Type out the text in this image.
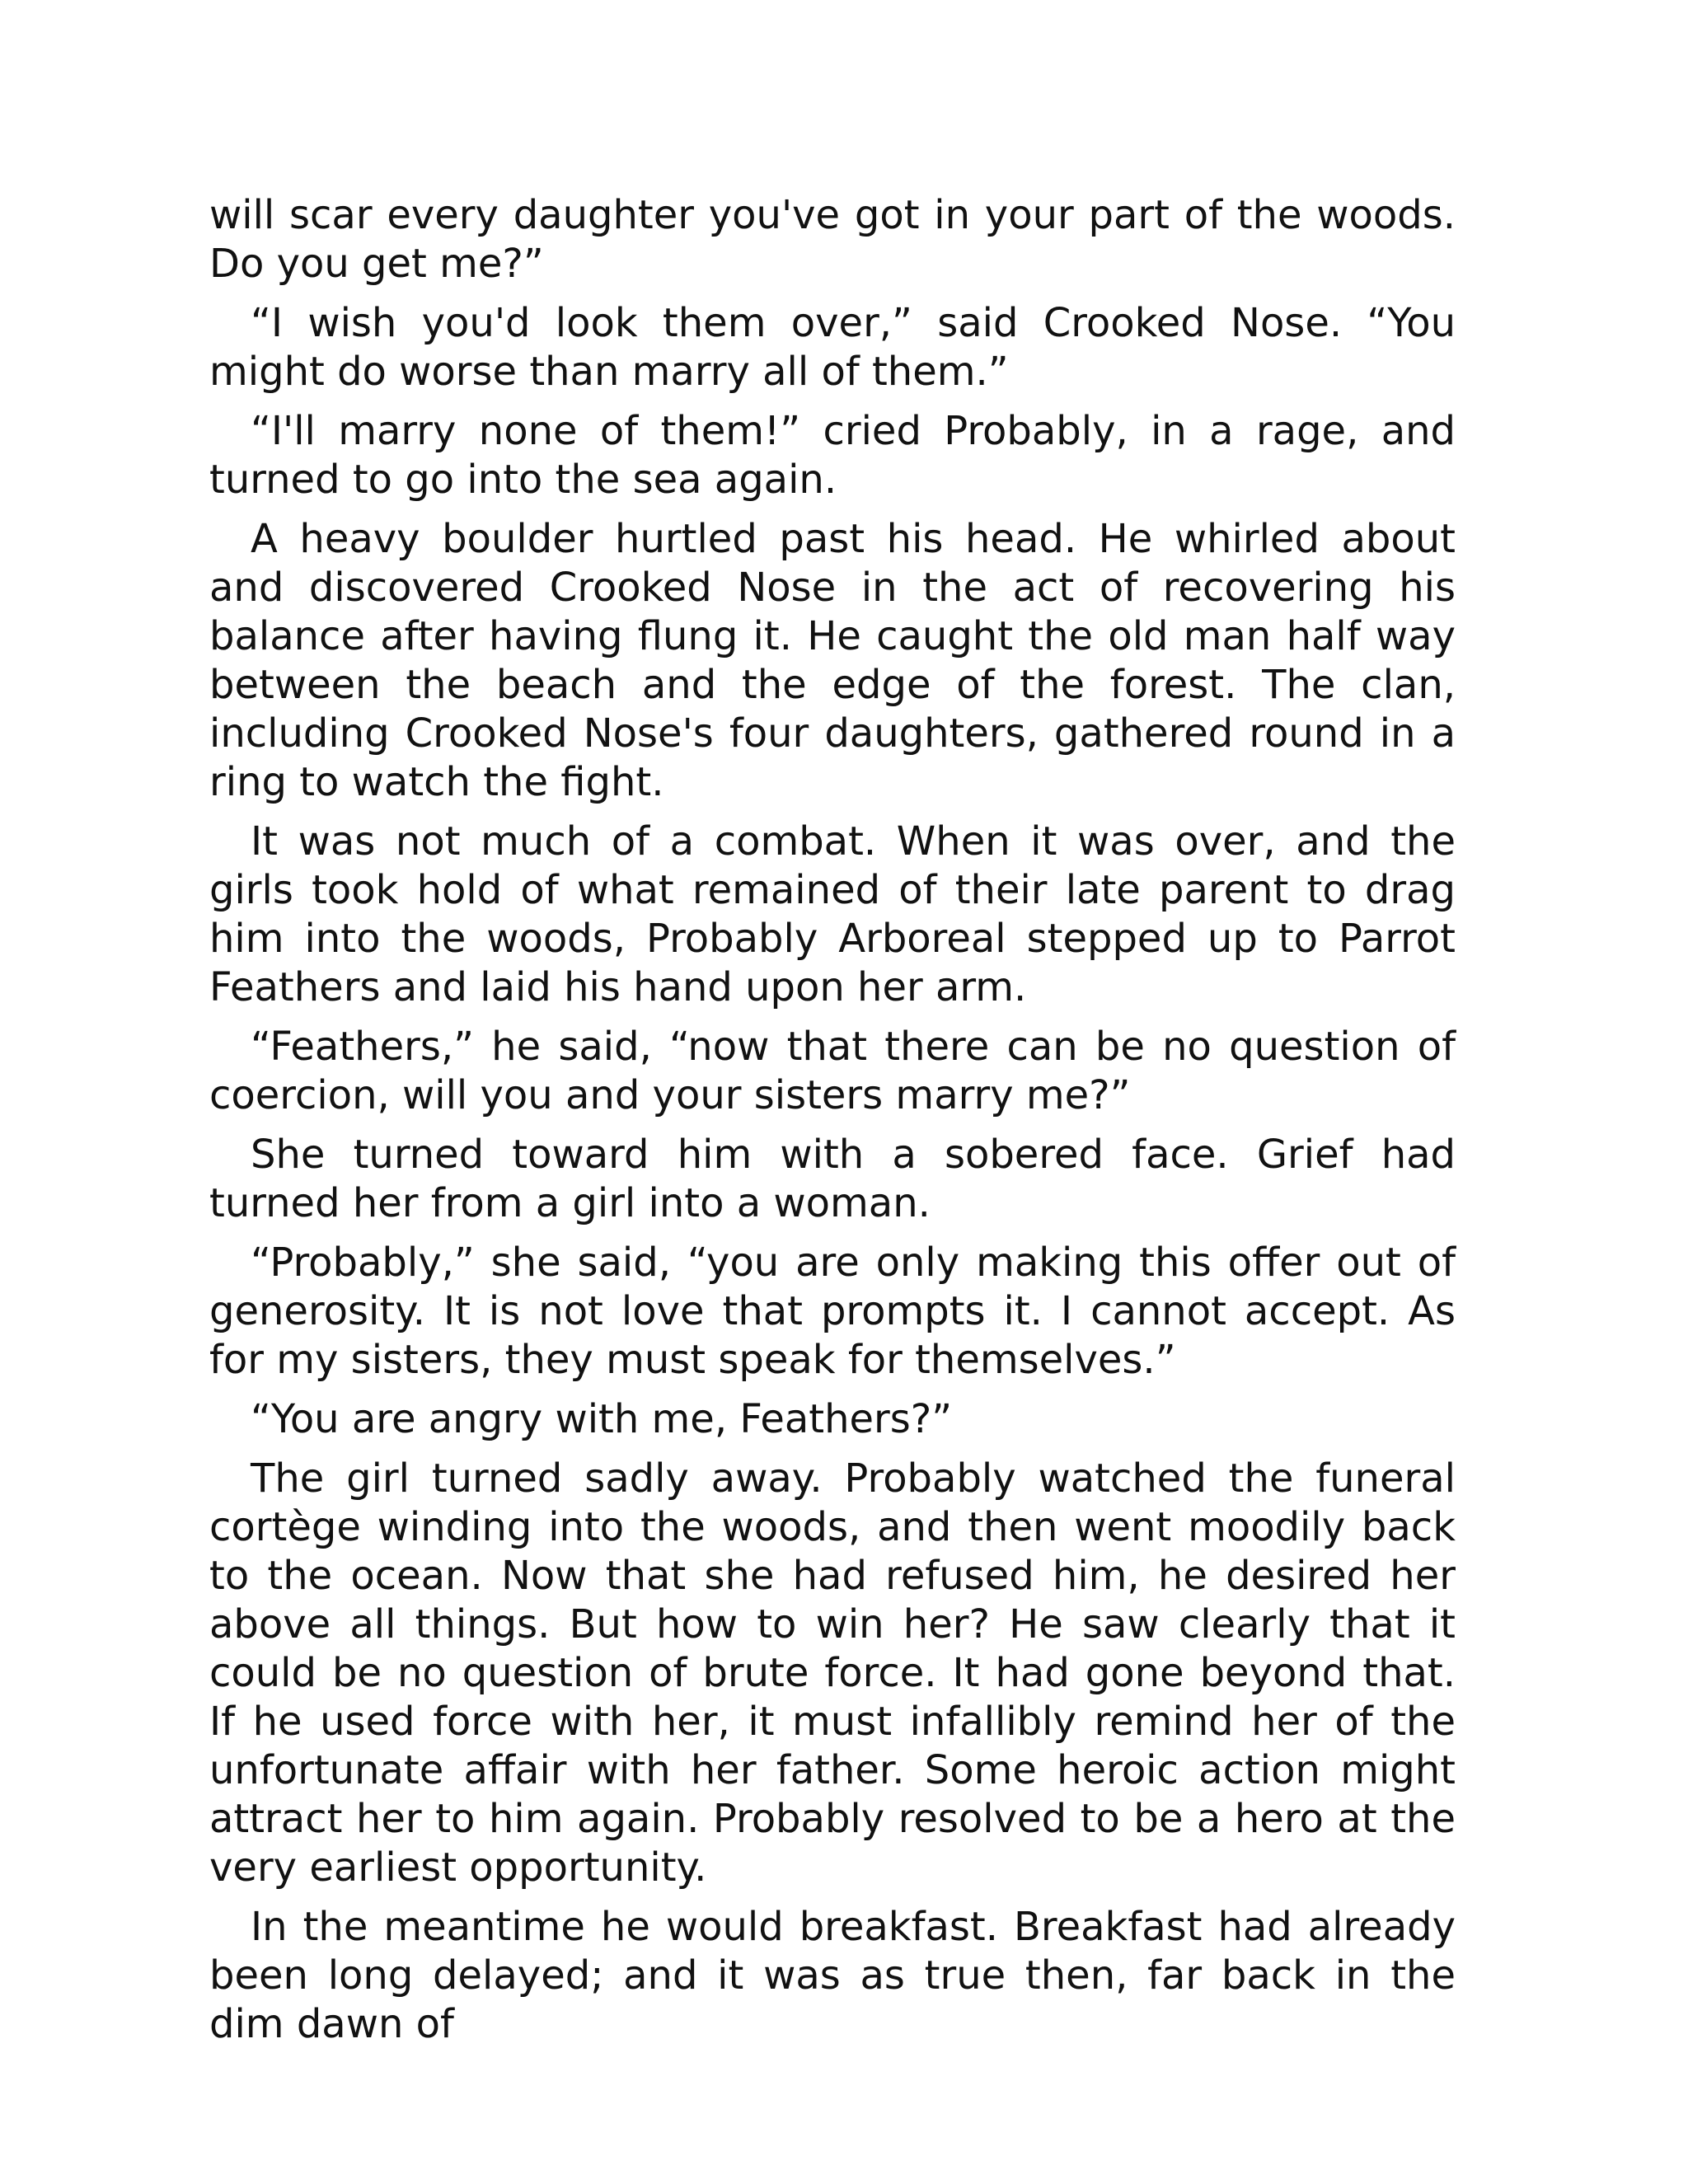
will scar every daughter you've got in your part of the woods. Do you get me?”

“I wish you'd look them over,” said Crooked Nose. “You might do worse than marry all of them.”

“I'll marry none of them!” cried Probably, in a rage, and turned to go into the sea again.

A heavy boulder hurtled past his head. He whirled about and discovered Crooked Nose in the act of recovering his balance after having flung it. He caught the old man half way between the beach and the edge of the forest. The clan, including Crooked Nose's four daughters, gathered round in a ring to watch the fight.

It was not much of a combat. When it was over, and the girls took hold of what remained of their late parent to drag him into the woods, Probably Arboreal stepped up to Parrot Feathers and laid his hand upon her arm.

“Feathers,” he said, “now that there can be no question of coercion, will you and your sisters marry me?”

She turned toward him with a sobered face. Grief had turned her from a girl into a woman.

“Probably,” she said, “you are only making this offer out of generosity. It is not love that prompts it. I cannot accept. As for my sisters, they must speak for themselves.”

“You are angry with me, Feathers?”

The girl turned sadly away. Probably watched the funeral cortège winding into the woods, and then went moodily back to the ocean. Now that she had refused him, he desired her above all things. But how to win her? He saw clearly that it could be no question of brute force. It had gone beyond that. If he used force with her, it must infallibly remind her of the unfortunate affair with her father. Some heroic action might attract her to him again. Probably resolved to be a hero at the very earliest opportunity.

In the meantime he would breakfast. Breakfast had already been long delayed; and it was as true then, far back in the dim dawn of
